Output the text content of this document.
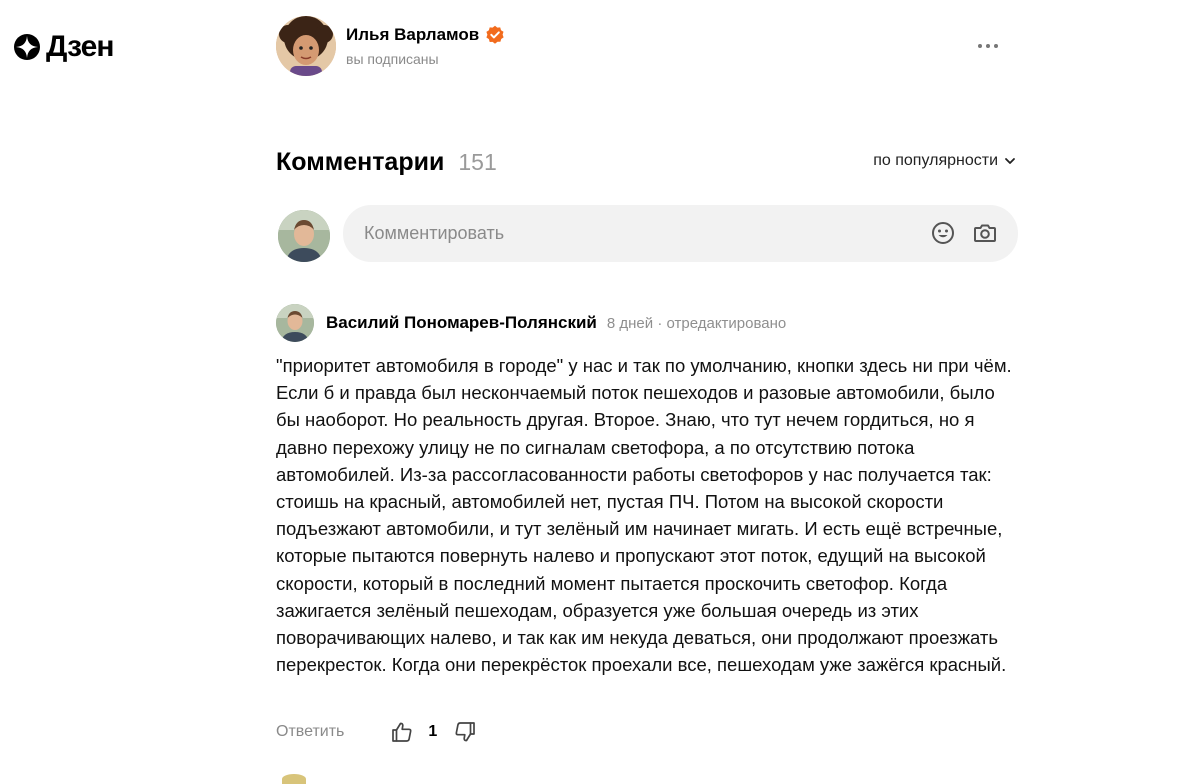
Дзен	Илья Варламов
вы подписаны
Комментарии 151	по популярности
Комментировать
Василий Пономарев-Полянский 8 дней · отредактировано
"приоритет автомобиля в городе" у нас и так по умолчанию, кнопки здесь ни при чём. Если б и правда был нескончаемый поток пешеходов и разовые автомобили, было бы наоборот. Но реальность другая. Второе. Знаю, что тут нечем гордиться, но я давно перехожу улицу не по сигналам светофора, а по отсутствию потока автомобилей. Из-за рассогласованности работы светофоров у нас получается так: стоишь на красный, автомобилей нет, пустая ПЧ. Потом на высокой скорости подъезжают автомобили, и тут зелёный им начинает мигать. И есть ещё встречные, которые пытаются повернуть налево и пропускают этот поток, едущий на высокой скорости, который в последний момент пытается проскочить светофор. Когда зажигается зелёный пешеходам, образуется уже большая очередь из этих поворачивающих налево, и так как им некуда деваться, они продолжают проезжать перекресток. Когда они перекрёсток проехали все, пешеходам уже зажёгся красный.
Ответить	1
